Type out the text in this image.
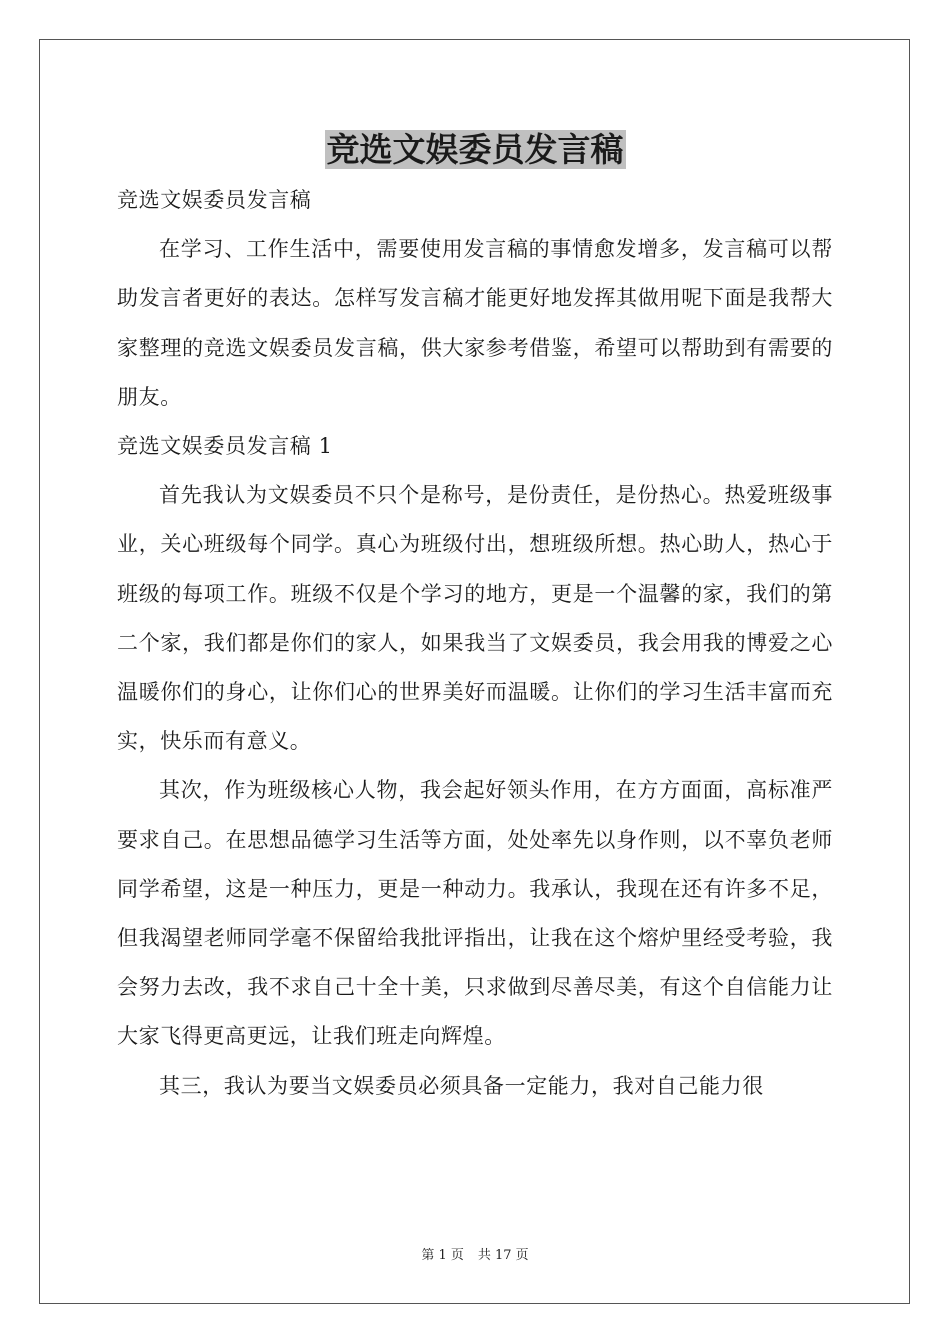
竞选文娱委员发言稿

竞选文娱委员发言稿

在学习、工作生活中，需要使用发言稿的事情愈发增多，发言稿可以帮助发言者更好的表达。怎样写发言稿才能更好地发挥其做用呢下面是我帮大家整理的竞选文娱委员发言稿，供大家参考借鉴，希望可以帮助到有需要的朋友。

竞选文娱委员发言稿 1

首先我认为文娱委员不只个是称号，是份责任，是份热心。热爱班级事业，关心班级每个同学。真心为班级付出，想班级所想。热心助人，热心于班级的每项工作。班级不仅是个学习的地方，更是一个温馨的家，我们的第二个家，我们都是你们的家人，如果我当了文娱委员，我会用我的博爱之心温暖你们的身心，让你们心的世界美好而温暖。让你们的学习生活丰富而充实，快乐而有意义。

其次，作为班级核心人物，我会起好领头作用，在方方面面，高标准严要求自己。在思想品德学习生活等方面，处处率先以身作则，以不辜负老师同学希望，这是一种压力，更是一种动力。我承认，我现在还有许多不足，但我渴望老师同学毫不保留给我批评指出，让我在这个熔炉里经受考验，我会努力去改，我不求自己十全十美，只求做到尽善尽美，有这个自信能力让大家飞得更高更远，让我们班走向辉煌。

其三，我认为要当文娱委员必须具备一定能力，我对自己能力很

第 1 页 共 17 页
